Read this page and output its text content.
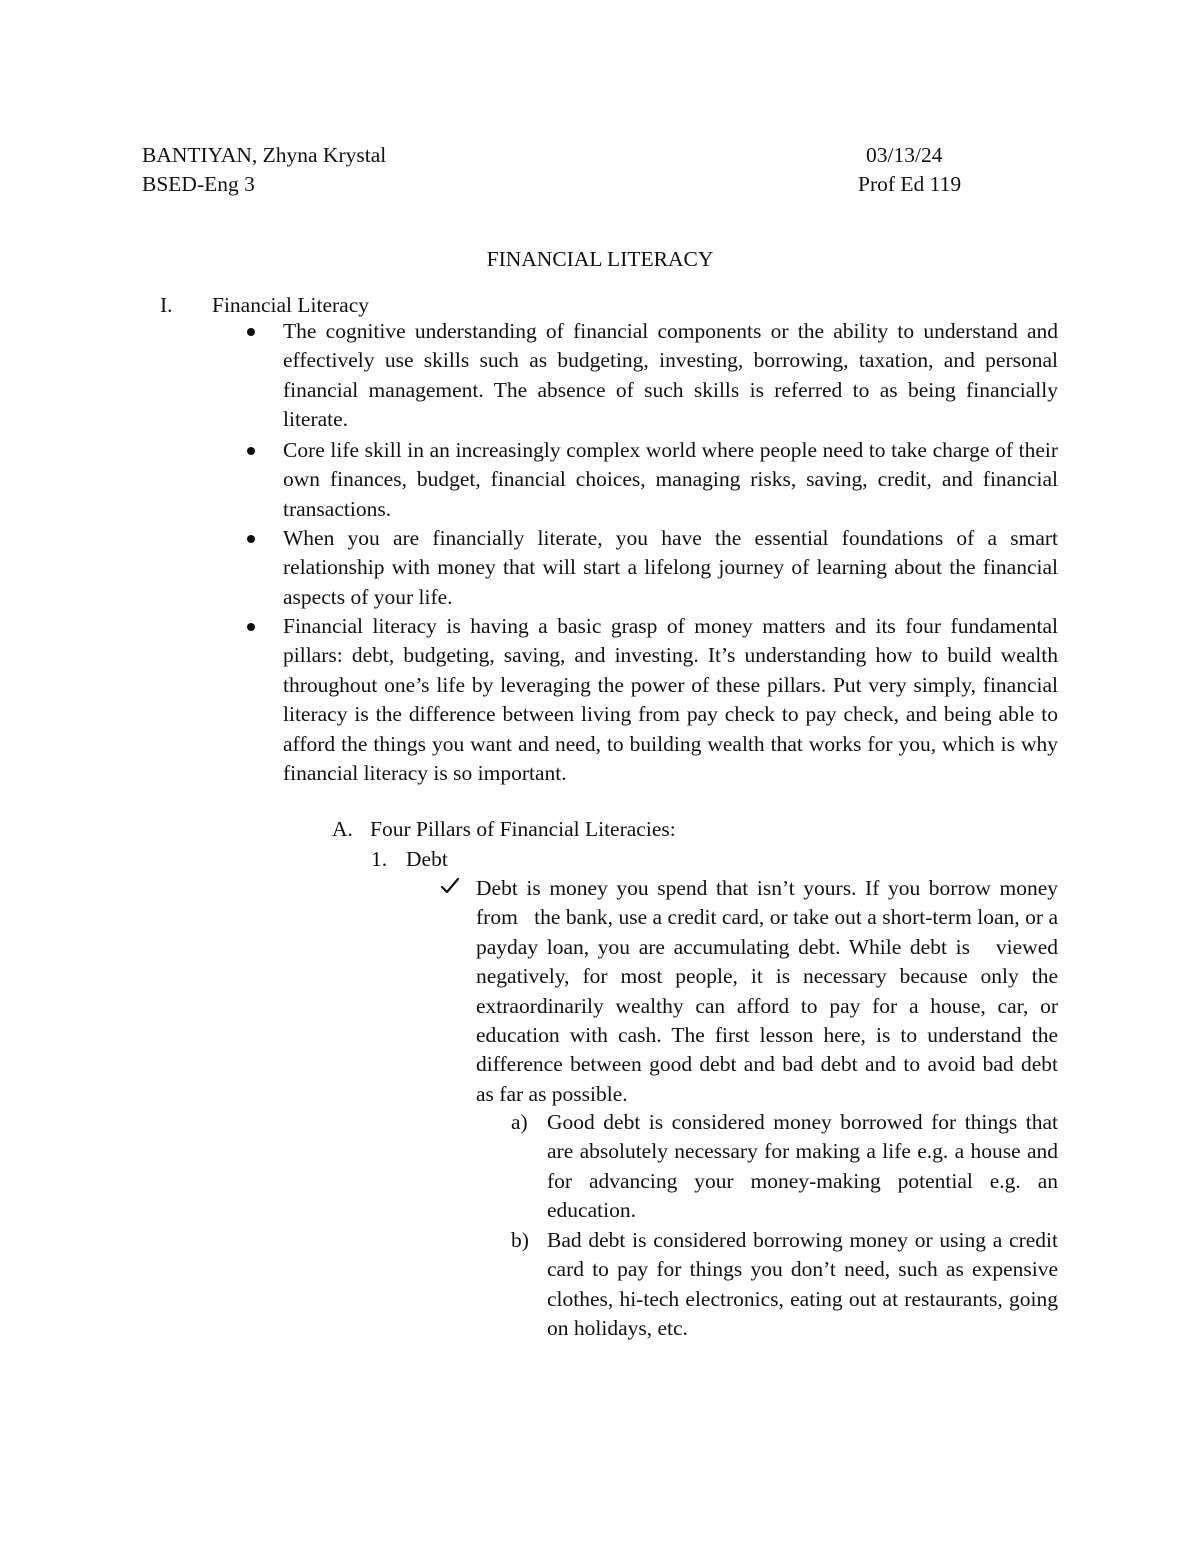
BANTIYAN, Zhyna Krystal	03/13/24
BSED-Eng 3	Prof Ed 119
FINANCIAL LITERACY
I. Financial Literacy
The cognitive understanding of financial components or the ability to understand and effectively use skills such as budgeting, investing, borrowing, taxation, and personal financial management. The absence of such skills is referred to as being financially literate.
Core life skill in an increasingly complex world where people need to take charge of their own finances, budget, financial choices, managing risks, saving, credit, and financial transactions.
When you are financially literate, you have the essential foundations of a smart relationship with money that will start a lifelong journey of learning about the financial aspects of your life.
Financial literacy is having a basic grasp of money matters and its four fundamental pillars: debt, budgeting, saving, and investing. It’s understanding how to build wealth throughout one’s life by leveraging the power of these pillars. Put very simply, financial literacy is the difference between living from pay check to pay check, and being able to afford the things you want and need, to building wealth that works for you, which is why financial literacy is so important.
A. Four Pillars of Financial Literacies:
1. Debt
Debt is money you spend that isn’t yours. If you borrow money from   the bank, use a credit card, or take out a short-term loan, or a payday loan, you are accumulating debt. While debt is   viewed negatively, for most people, it is necessary because only the extraordinarily wealthy can afford to pay for a house, car, or education with cash. The first lesson here, is to understand the difference between good debt and bad debt and to avoid bad debt as far as possible.
a) Good debt is considered money borrowed for things that are absolutely necessary for making a life e.g. a house and for advancing your money-making potential e.g. an education.
b) Bad debt is considered borrowing money or using a credit card to pay for things you don’t need, such as expensive clothes, hi-tech electronics, eating out at restaurants, going on holidays, etc.
